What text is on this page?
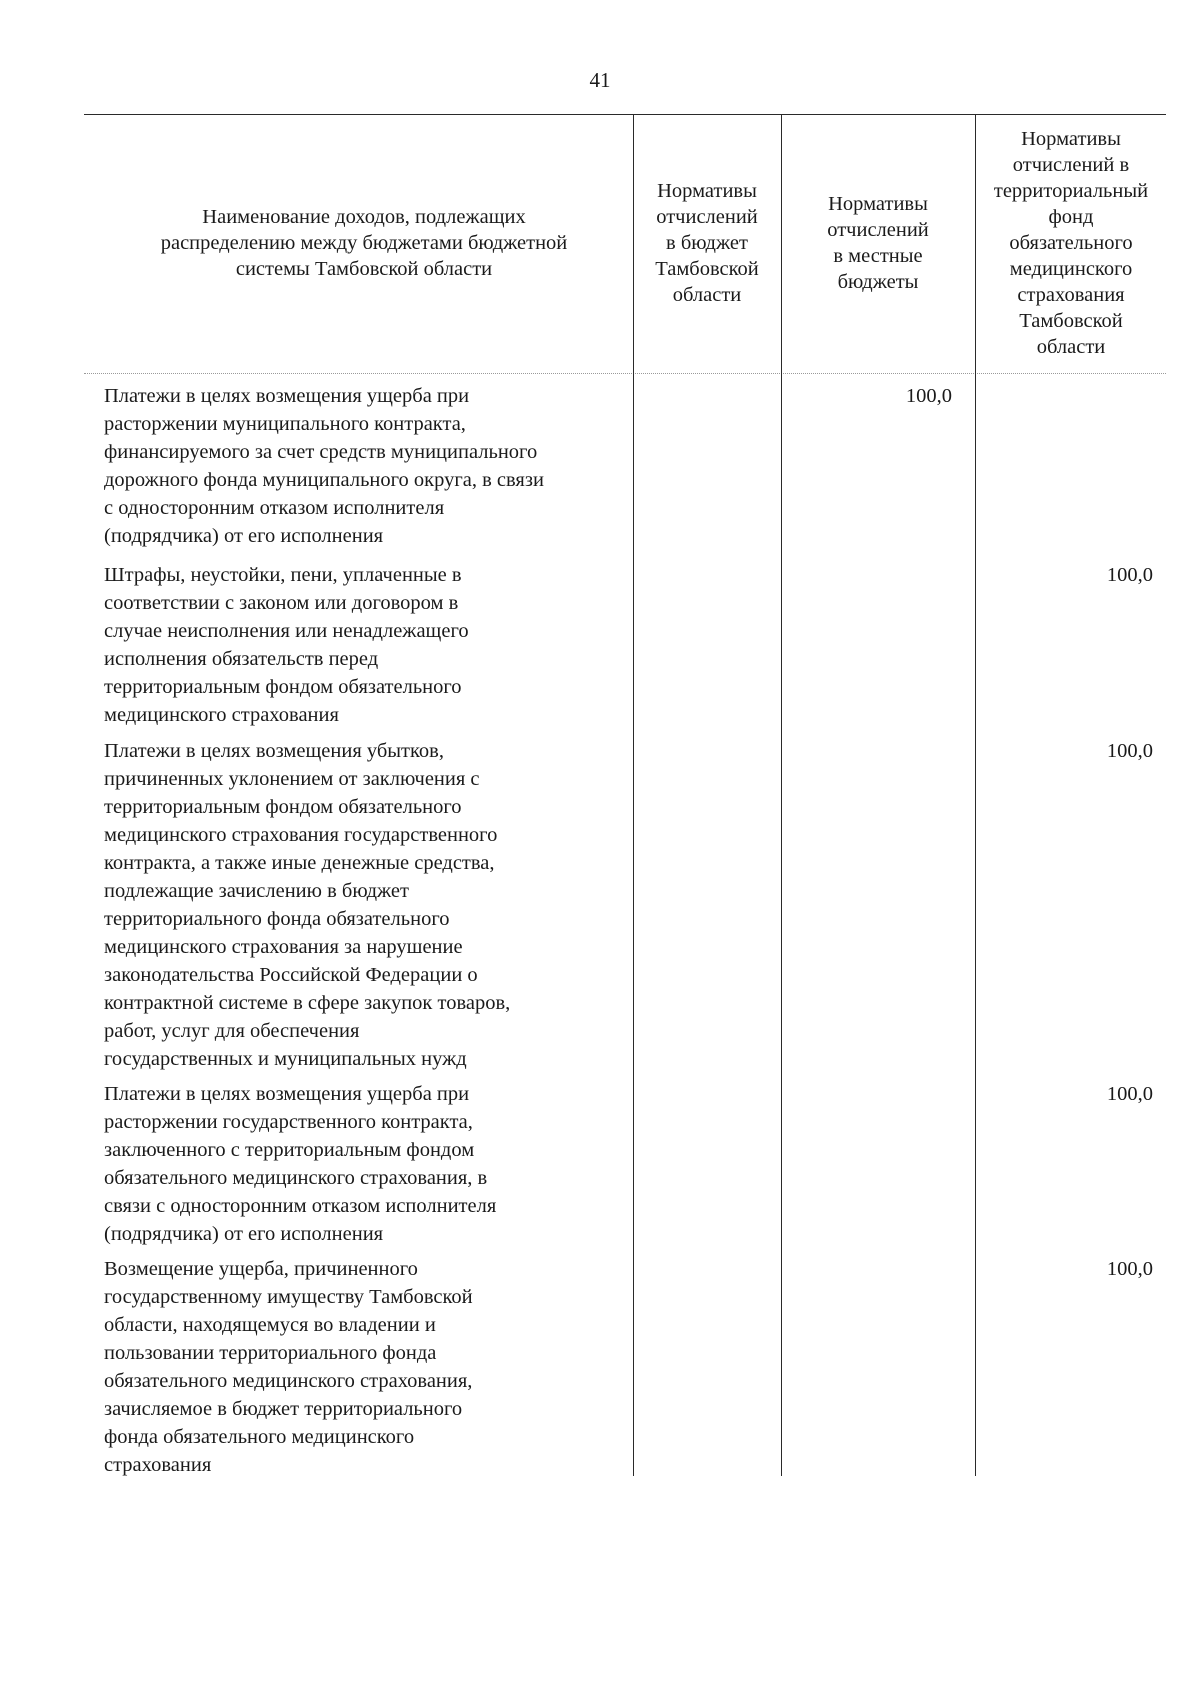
41
Наименование доходов, подлежащих
распределению между бюджетами бюджетной
системы Тамбовской области
Нормативы
отчислений
в бюджет
Тамбовской
области
Нормативы
отчислений
в местные
бюджеты
Нормативы
отчислений в
территориальный
фонд
обязательного
медицинского
страхования
Тамбовской
области
Платежи в целях возмещения ущерба при
расторжении муниципального контракта,
финансируемого за счет средств муниципального
дорожного фонда муниципального округа, в связи
с односторонним отказом исполнителя
(подрядчика) от его исполнения
100,0
Штрафы, неустойки, пени, уплаченные в
соответствии с законом или договором в
случае неисполнения или ненадлежащего
исполнения обязательств перед
территориальным фондом обязательного
медицинского страхования
100,0
Платежи в целях возмещения убытков,
причиненных уклонением от заключения с
территориальным фондом обязательного
медицинского страхования государственного
контракта, а также иные денежные средства,
подлежащие зачислению в бюджет
территориального фонда обязательного
медицинского страхования за нарушение
законодательства Российской Федерации о
контрактной системе в сфере закупок товаров,
работ, услуг для обеспечения
государственных и муниципальных нужд
100,0
Платежи в целях возмещения ущерба при
расторжении государственного контракта,
заключенного с территориальным фондом
обязательного медицинского страхования, в
связи с односторонним отказом исполнителя
(подрядчика) от его исполнения
100,0
Возмещение ущерба, причиненного
государственному имуществу Тамбовской
области, находящемуся во владении и
пользовании территориального фонда
обязательного медицинского страхования,
зачисляемое в бюджет территориального
фонда обязательного медицинского
страхования
100,0
